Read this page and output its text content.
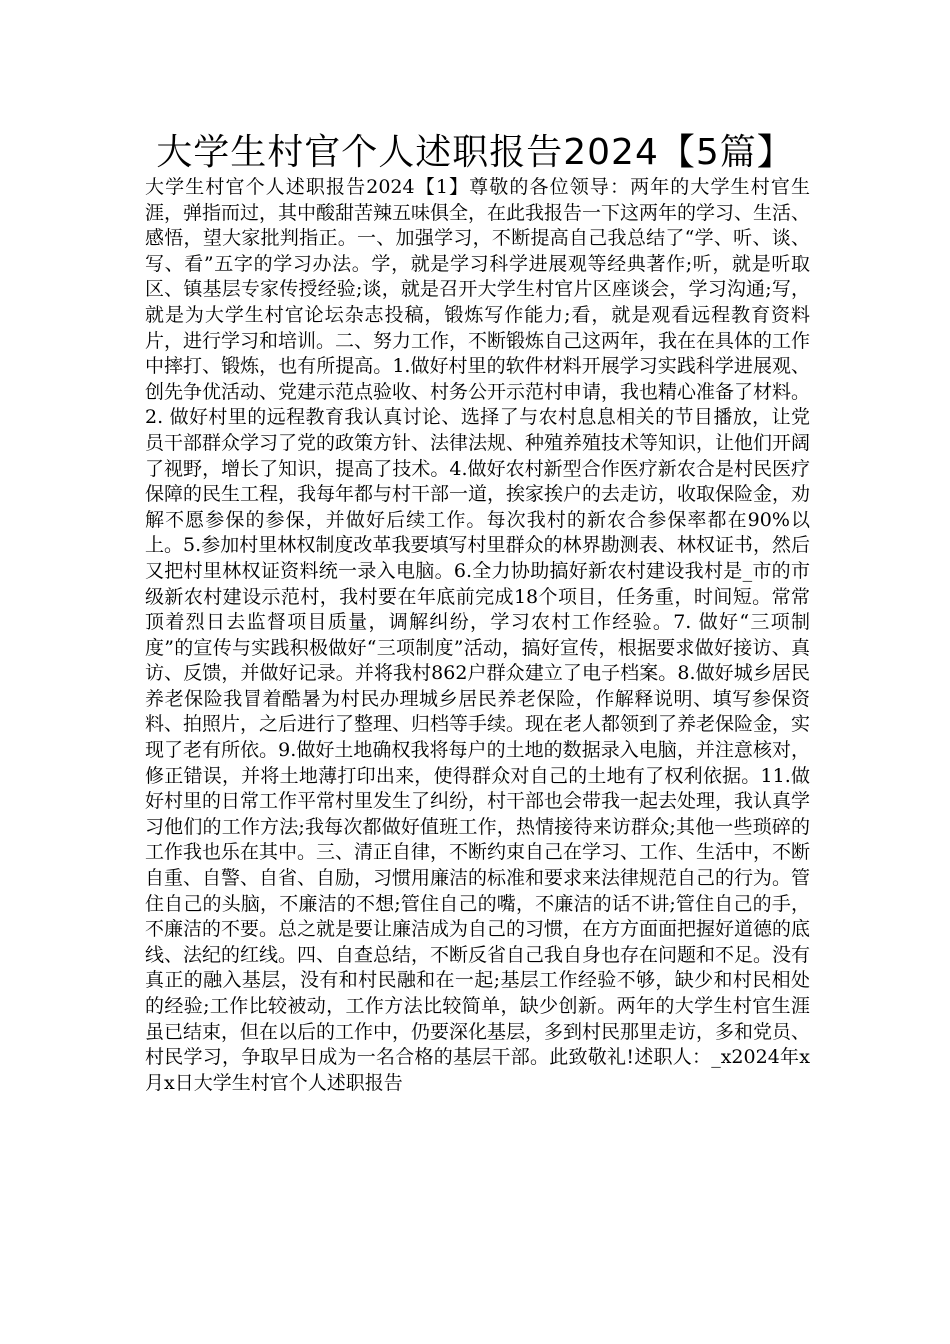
大学生村官个人述职报告2024【5篇】

大学生村官个人述职报告2024【1】尊敬的各位领导：两年的大学生村官生涯，弹指而过，其中酸甜苦辣五味俱全，在此我报告一下这两年的学习、生活、感悟，望大家批判指正。一、加强学习，不断提高自己我总结了“学、听、谈、写、看”五字的学习办法。学，就是学习科学进展观等经典著作;听，就是听取区、镇基层专家传授经验;谈，就是召开大学生村官片区座谈会，学习沟通;写，就是为大学生村官论坛杂志投稿，锻炼写作能力;看，就是观看远程教育资料片，进行学习和培训。二、努力工作，不断锻炼自己这两年，我在在具体的工作中摔打、锻炼，也有所提高。1.做好村里的软件材料开展学习实践科学进展观、创先争优活动、党建示范点验收、村务公开示范村申请，我也精心准备了材料。2. 做好村里的远程教育我认真讨论、选择了与农村息息相关的节目播放，让党员干部群众学习了党的政策方针、法律法规、种殖养殖技术等知识，让他们开阔了视野，增长了知识，提高了技术。4.做好农村新型合作医疗新农合是村民医疗保障的民生工程，我每年都与村干部一道，挨家挨户的去走访，收取保险金，劝解不愿参保的参保，并做好后续工作。每次我村的新农合参保率都在90%以上。5.参加村里林权制度改革我要填写村里群众的林界勘测表、林权证书，然后又把村里林权证资料统一录入电脑。6.全力协助搞好新农村建设我村是_市的市级新农村建设示范村，我村要在年底前完成18个项目，任务重，时间短。常常顶着烈日去监督项目质量，调解纠纷，学习农村工作经验。7. 做好“三项制度”的宣传与实践积极做好“三项制度”活动，搞好宣传，根据要求做好接访、真访、反馈，并做好记录。并将我村862户群众建立了电子档案。8.做好城乡居民养老保险我冒着酷暑为村民办理城乡居民养老保险，作解释说明、填写参保资料、拍照片，之后进行了整理、归档等手续。现在老人都领到了养老保险金，实现了老有所依。9.做好土地确权我将每户的土地的数据录入电脑，并注意核对，修正错误，并将土地薄打印出来，使得群众对自己的土地有了权利依据。11.做好村里的日常工作平常村里发生了纠纷，村干部也会带我一起去处理，我认真学习他们的工作方法;我每次都做好值班工作，热情接待来访群众;其他一些琐碎的工作我也乐在其中。三、清正自律，不断约束自己在学习、工作、生活中，不断自重、自警、自省、自励，习惯用廉洁的标准和要求来法律规范自己的行为。管住自己的头脑，不廉洁的不想;管住自己的嘴，不廉洁的话不讲;管住自己的手，不廉洁的不要。总之就是要让廉洁成为自己的习惯，在方方面面把握好道德的底线、法纪的红线。四、自查总结，不断反省自己我自身也存在问题和不足。没有真正的融入基层，没有和村民融和在一起;基层工作经验不够，缺少和村民相处的经验;工作比较被动，工作方法比较简单，缺少创新。两年的大学生村官生涯虽已结束，但在以后的工作中，仍要深化基层，多到村民那里走访，多和党员、村民学习，争取早日成为一名合格的基层干部。此致敬礼!述职人：_x2024年x月x日大学生村官个人述职报告
